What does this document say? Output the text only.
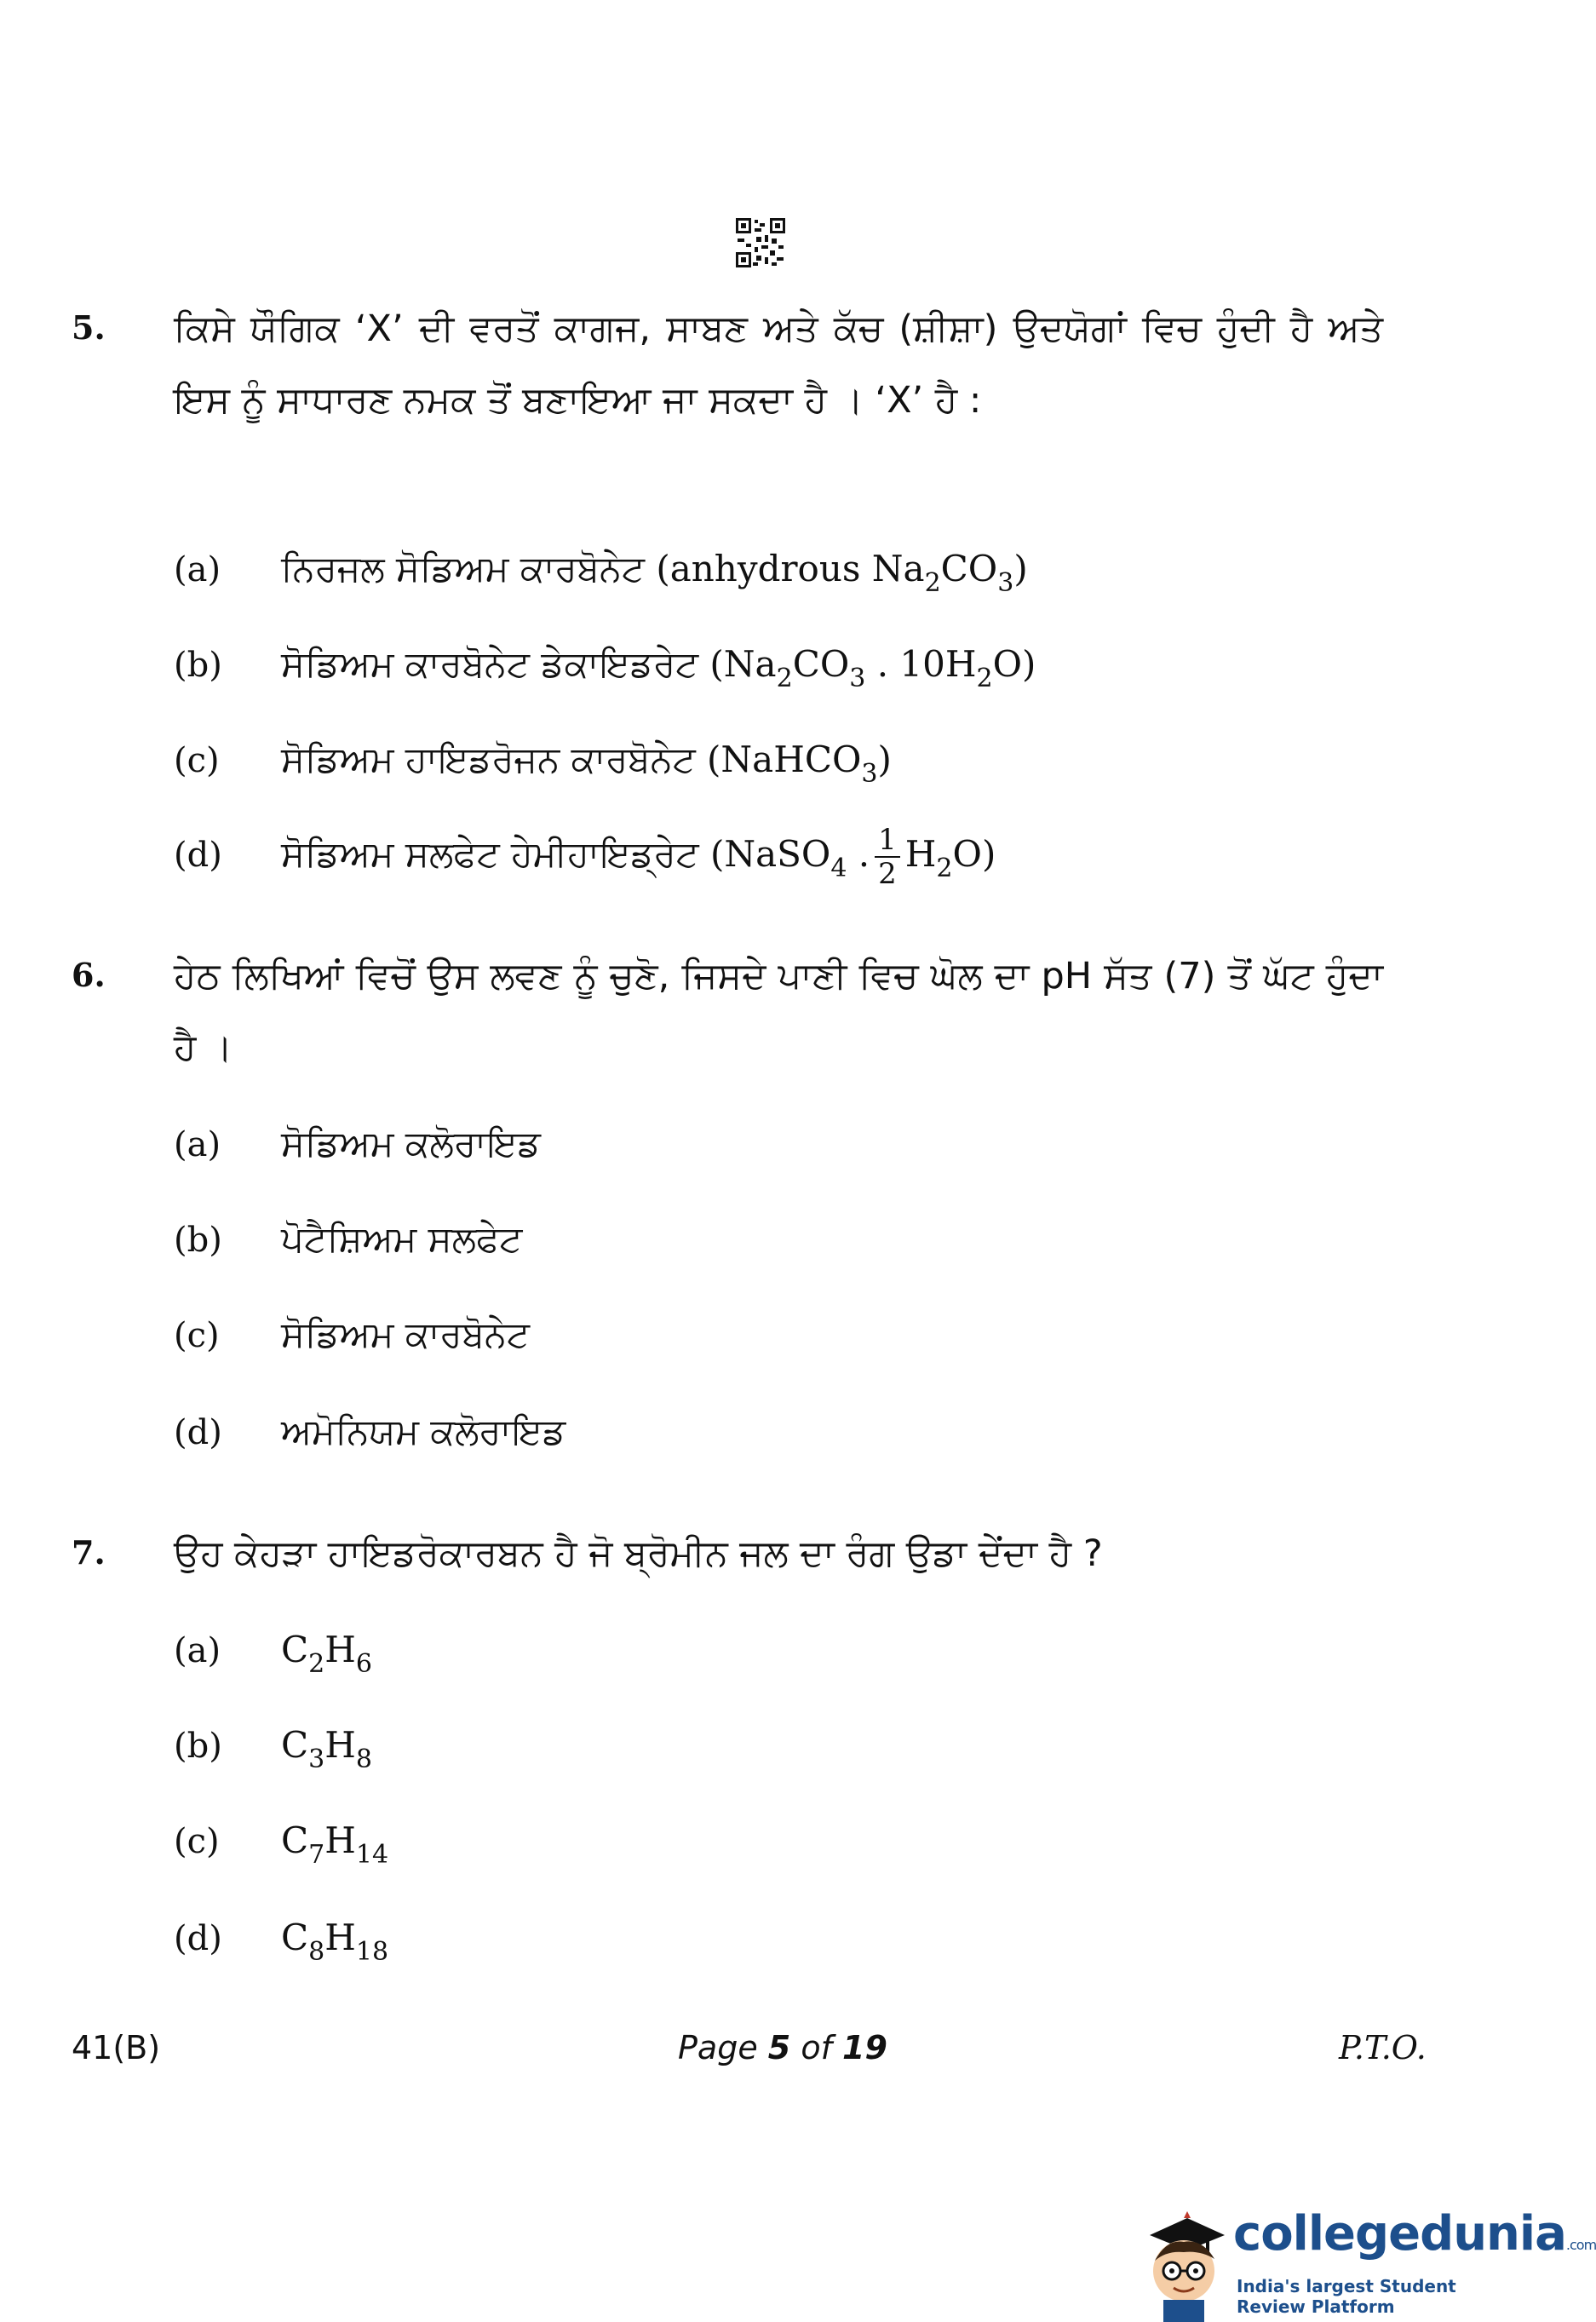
5. ਕਿਸੇ ਯੌਗਿਕ ‘X’ ਦੀ ਵਰਤੋਂ ਕਾਗਜ, ਸਾਬਣ ਅਤੇ ਕੱਚ (ਸ਼ੀਸ਼ਾ) ਉਦਯੋਗਾਂ ਵਿਚ ਹੁੰਦੀ ਹੈ ਅਤੇ ਇਸ ਨੂੰ ਸਾਧਾਰਣ ਨਮਕ ਤੋਂ ਬਣਾਇਆ ਜਾ ਸਕਦਾ ਹੈ । ‘X’ ਹੈ :
(a) ਨਿਰਜਲ ਸੋਡਿਅਮ ਕਾਰਬੋਨੇਟ (anhydrous $Na_2CO_3$)
(b) ਸੋਡਿਅਮ ਕਾਰਬੋਨੇਟ ਡੇਕਾਇਡਰੇਟ ($Na_2CO_3$ . $10H_2O$)
(c) ਸੋਡਿਅਮ ਹਾਇਡਰੋਜਨ ਕਾਰਬੋਨੇਟ (NaHCO$_3$)
(d) ਸੋਡਿਅਮ ਸਲਫੇਟ ਹੇਮੀਹਾਇਡ੍ਰੇਟ (NaSO$_4$ . $\frac{1}{2} H_2O$)
6. ਹੇਠ ਲਿਖਿਆਂ ਵਿਚੋਂ ਉਸ ਲਵਣ ਨੂੰ ਚੁਣੋ, ਜਿਸਦੇ ਪਾਣੀ ਵਿਚ ਘੋਲ ਦਾ pH ਸੱਤ (7) ਤੋਂ ਘੱਟ ਹੁੰਦਾ ਹੈ ।
(a) ਸੋਡਿਅਮ ਕਲੋਰਾਇਡ
(b) ਪੋਟੈਸ਼ਿਅਮ ਸਲਫੇਟ
(c) ਸੋਡਿਅਮ ਕਾਰਬੋਨੇਟ
(d) ਅਮੋਨਿਯਮ ਕਲੋਰਾਇਡ
7. ਉਹ ਕੇਹੜਾ ਹਾਇਡਰੋਕਾਰਬਨ ਹੈ ਜੋ ਬ੍ਰੋਮੀਨ ਜਲ ਦਾ ਰੰਗ ਉਡਾ ਦੇਂਦਾ ਹੈ ?
(a) $C_2H_6$
(b) $C_3H_8$
(c) $C_7H_{14}$
(d) $C_8H_{18}$
41(B)	Page 5 of 19	P.T.O.
collegedunia.com
India's largest Student Review Platform
